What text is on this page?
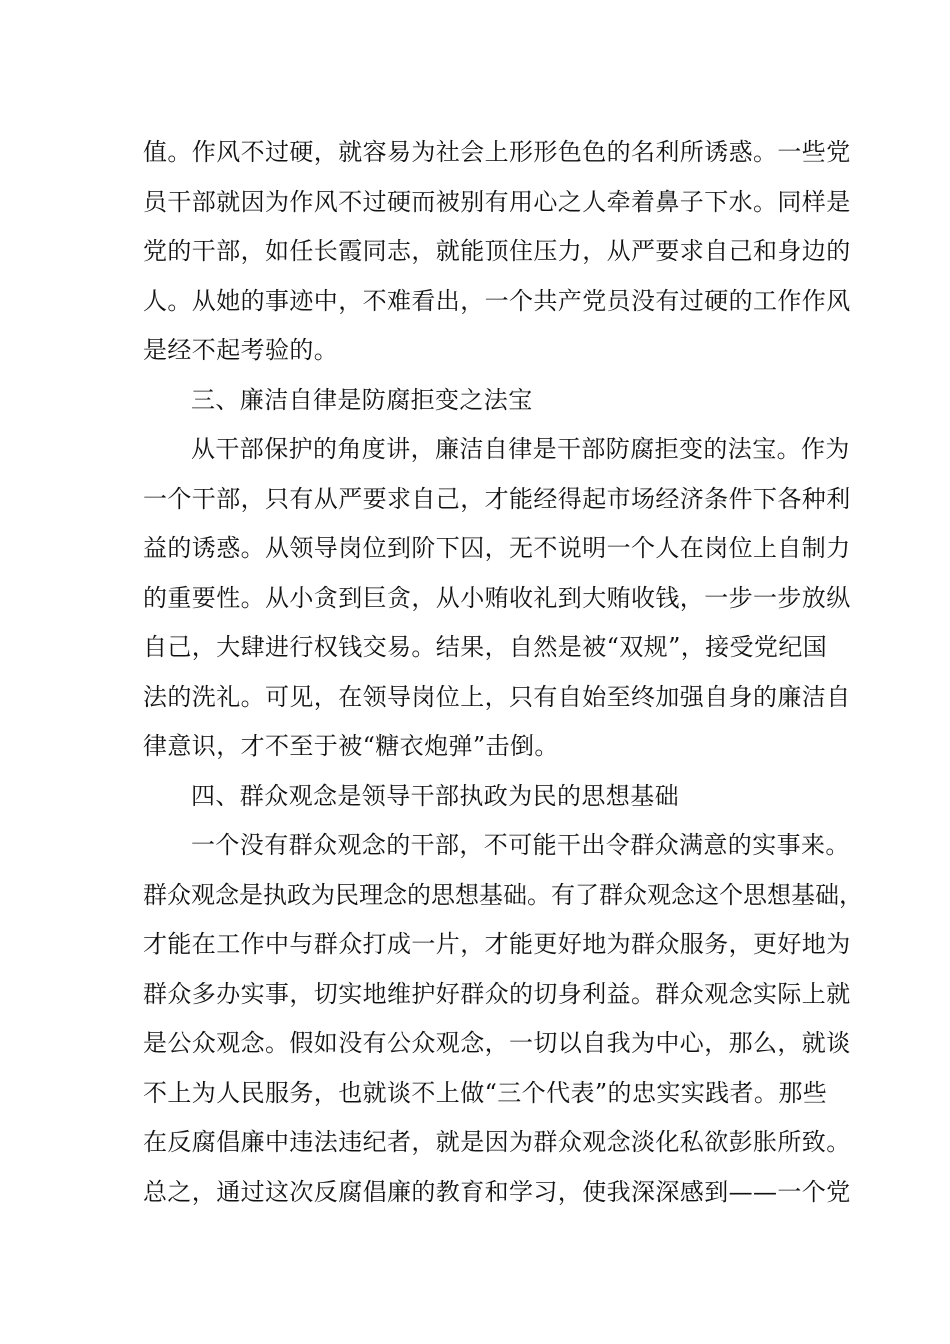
值。作风不过硬，就容易为社会上形形色色的名利所诱惑。一些党
员干部就因为作风不过硬而被别有用心之人牵着鼻子下水。同样是
党的干部，如任长霞同志，就能顶住压力，从严要求自己和身边的
人。从她的事迹中，不难看出，一个共产党员没有过硬的工作作风
是经不起考验的。
三、廉洁自律是防腐拒变之法宝
从干部保护的角度讲，廉洁自律是干部防腐拒变的法宝。作为
一个干部，只有从严要求自己，才能经得起市场经济条件下各种利
益的诱惑。从领导岗位到阶下囚，无不说明一个人在岗位上自制力
的重要性。从小贪到巨贪，从小贿收礼到大贿收钱，一步一步放纵
自己，大肆进行权钱交易。结果，自然是被“双规”，接受党纪国
法的洗礼。可见，在领导岗位上，只有自始至终加强自身的廉洁自
律意识，才不至于被“糖衣炮弹”击倒。
四、群众观念是领导干部执政为民的思想基础
一个没有群众观念的干部，不可能干出令群众满意的实事来。
群众观念是执政为民理念的思想基础。有了群众观念这个思想基础，
才能在工作中与群众打成一片，才能更好地为群众服务，更好地为
群众多办实事，切实地维护好群众的切身利益。群众观念实际上就
是公众观念。假如没有公众观念，一切以自我为中心，那么，就谈
不上为人民服务，也就谈不上做“三个代表”的忠实实践者。那些
在反腐倡廉中违法违纪者，就是因为群众观念淡化私欲彭胀所致。
总之，通过这次反腐倡廉的教育和学习，使我深深感到——一个党
